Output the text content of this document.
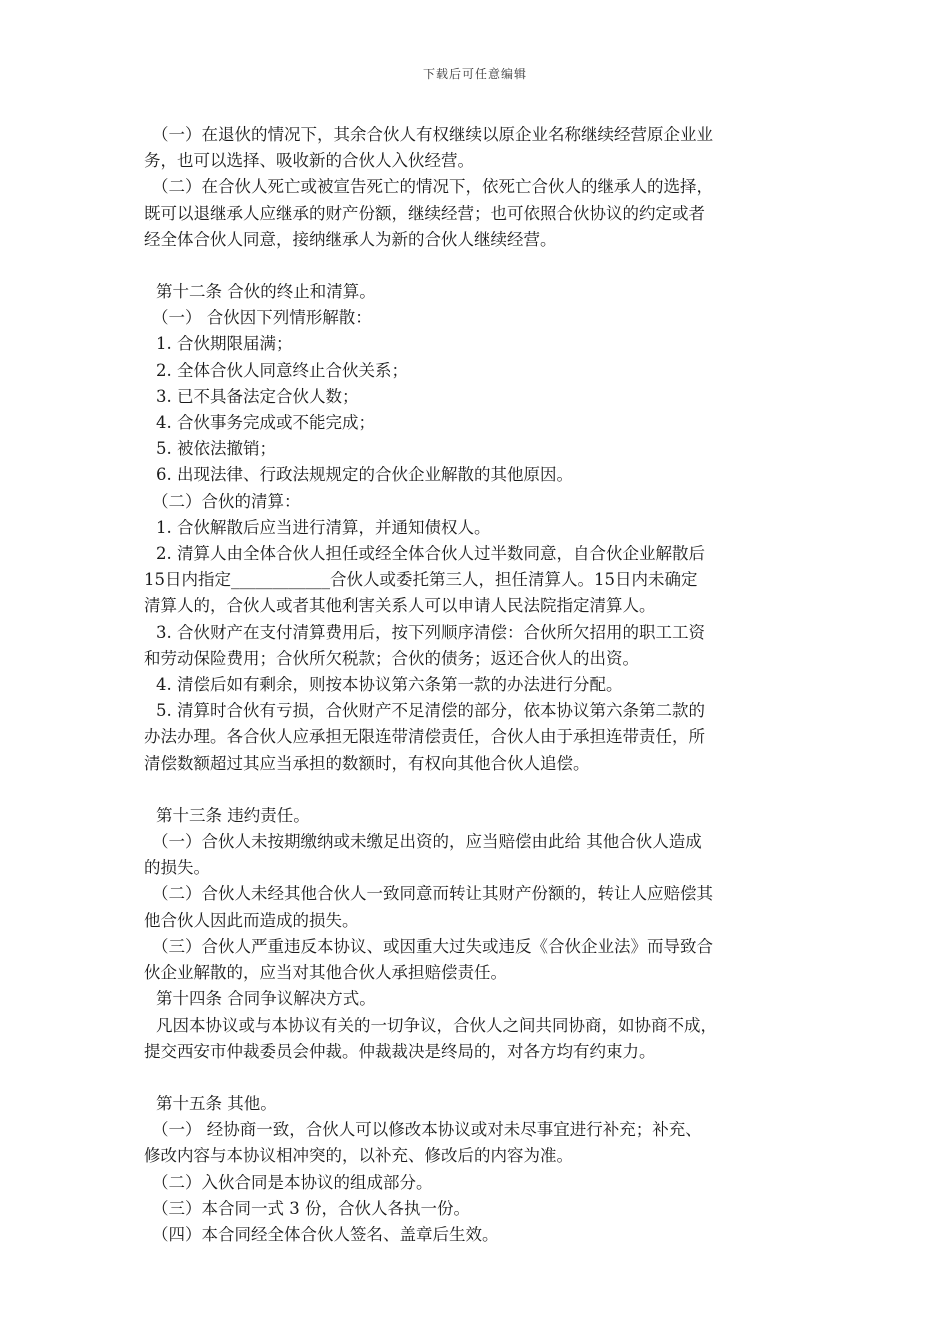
下载后可任意编辑
（一）在退伙的情况下，其余合伙人有权继续以原企业名称继续经营原企业业
务，也可以选择、吸收新的合伙人入伙经营。
（二）在合伙人死亡或被宣告死亡的情况下，依死亡合伙人的继承人的选择，
既可以退继承人应继承的财产份额，继续经营；也可依照合伙协议的约定或者
经全体合伙人同意，接纳继承人为新的合伙人继续经营。
第十二条 合伙的终止和清算。
（一） 合伙因下列情形解散：
1. 合伙期限届满；
2. 全体合伙人同意终止合伙关系；
3. 已不具备法定合伙人数；
4. 合伙事务完成或不能完成；
5. 被依法撤销；
6. 出现法律、行政法规规定的合伙企业解散的其他原因。
（二）合伙的清算：
1. 合伙解散后应当进行清算，并通知债权人。
2. 清算人由全体合伙人担任或经全体合伙人过半数同意，自合伙企业解散后
15日内指定____________合伙人或委托第三人，担任清算人。15日内未确定
清算人的，合伙人或者其他利害关系人可以申请人民法院指定清算人。
3. 合伙财产在支付清算费用后，按下列顺序清偿：合伙所欠招用的职工工资
和劳动保险费用；合伙所欠税款；合伙的债务；返还合伙人的出资。
4. 清偿后如有剩余，则按本协议第六条第一款的办法进行分配。
5. 清算时合伙有亏损，合伙财产不足清偿的部分，依本协议第六条第二款的
办法办理。各合伙人应承担无限连带清偿责任，合伙人由于承担连带责任，所
清偿数额超过其应当承担的数额时，有权向其他合伙人追偿。
第十三条 违约责任。
（一）合伙人未按期缴纳或未缴足出资的，应当赔偿由此给 其他合伙人造成
的损失。
（二）合伙人未经其他合伙人一致同意而转让其财产份额的，转让人应赔偿其
他合伙人因此而造成的损失。
（三）合伙人严重违反本协议、或因重大过失或违反《合伙企业法》而导致合
伙企业解散的，应当对其他合伙人承担赔偿责任。
第十四条 合同争议解决方式。
凡因本协议或与本协议有关的一切争议，合伙人之间共同协商，如协商不成，
提交西安市仲裁委员会仲裁。仲裁裁决是终局的，对各方均有约束力。
第十五条 其他。
（一） 经协商一致，合伙人可以修改本协议或对未尽事宜进行补充；补充、
修改内容与本协议相冲突的，以补充、修改后的内容为准。
（二）入伙合同是本协议的组成部分。
（三）本合同一式 3 份，合伙人各执一份。
（四）本合同经全体合伙人签名、盖章后生效。
